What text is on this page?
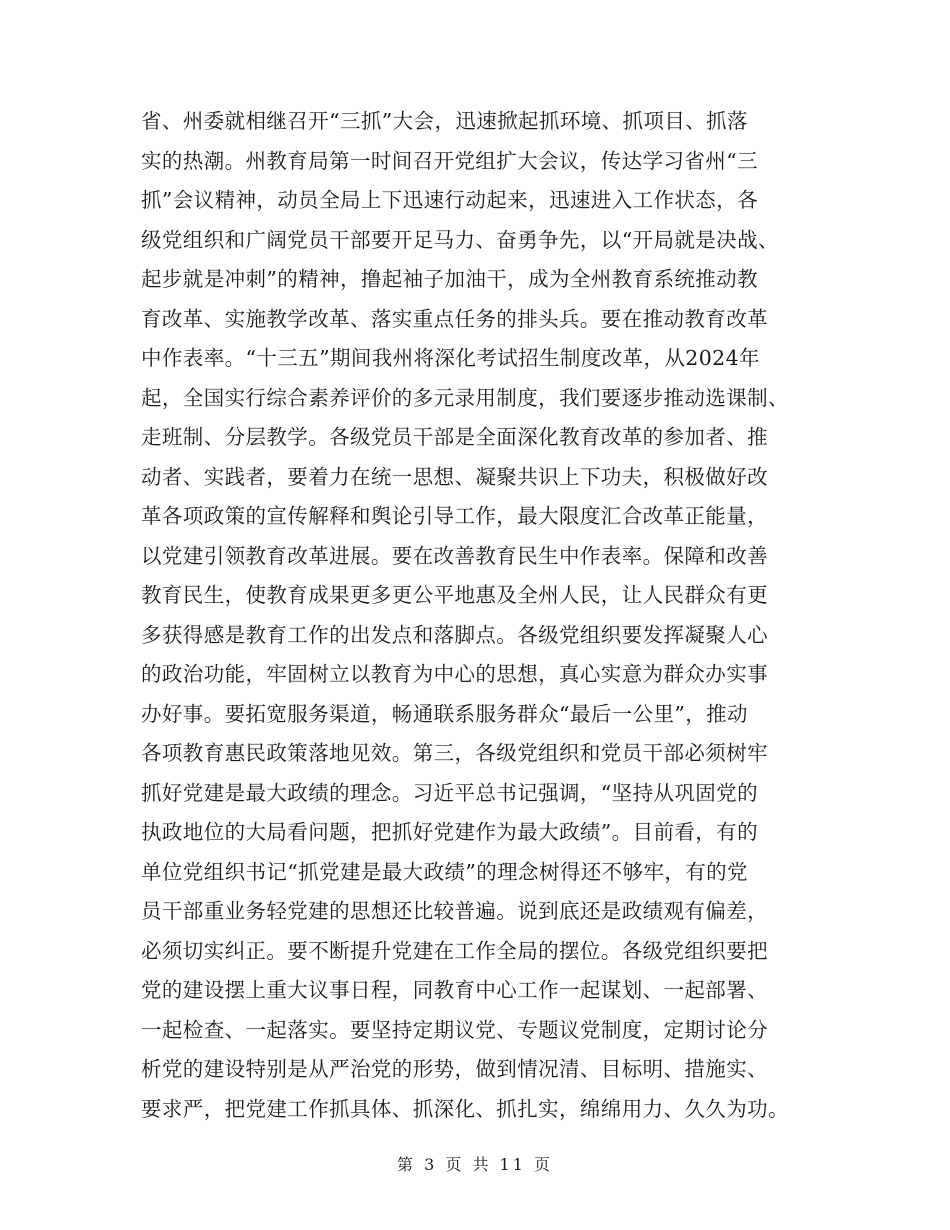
省、州委就相继召开“三抓”大会，迅速掀起抓环境、抓项目、抓落
实的热潮。州教育局第一时间召开党组扩大会议，传达学习省州“三
抓”会议精神，动员全局上下迅速行动起来，迅速进入工作状态，各
级党组织和广阔党员干部要开足马力、奋勇争先，以“开局就是决战、
起步就是冲刺”的精神，撸起袖子加油干，成为全州教育系统推动教
育改革、实施教学改革、落实重点任务的排头兵。要在推动教育改革
中作表率。“十三五”期间我州将深化考试招生制度改革，从2024年
起，全国实行综合素养评价的多元录用制度，我们要逐步推动选课制、
走班制、分层教学。各级党员干部是全面深化教育改革的参加者、推
动者、实践者，要着力在统一思想、凝聚共识上下功夫，积极做好改
革各项政策的宣传解释和舆论引导工作，最大限度汇合改革正能量，
以党建引领教育改革进展。要在改善教育民生中作表率。保障和改善
教育民生，使教育成果更多更公平地惠及全州人民，让人民群众有更
多获得感是教育工作的出发点和落脚点。各级党组织要发挥凝聚人心
的政治功能，牢固树立以教育为中心的思想，真心实意为群众办实事
办好事。要拓宽服务渠道，畅通联系服务群众“最后一公里”，推动
各项教育惠民政策落地见效。第三，各级党组织和党员干部必须树牢
抓好党建是最大政绩的理念。习近平总书记强调，“坚持从巩固党的
执政地位的大局看问题，把抓好党建作为最大政绩”。目前看，有的
单位党组织书记“抓党建是最大政绩”的理念树得还不够牢，有的党
员干部重业务轻党建的思想还比较普遍。说到底还是政绩观有偏差，
必须切实纠正。要不断提升党建在工作全局的摆位。各级党组织要把
党的建设摆上重大议事日程，同教育中心工作一起谋划、一起部署、
一起检查、一起落实。要坚持定期议党、专题议党制度，定期讨论分
析党的建设特别是从严治党的形势，做到情况清、目标明、措施实、
要求严，把党建工作抓具体、抓深化、抓扎实，绵绵用力、久久为功。
第 3 页 共 11 页
